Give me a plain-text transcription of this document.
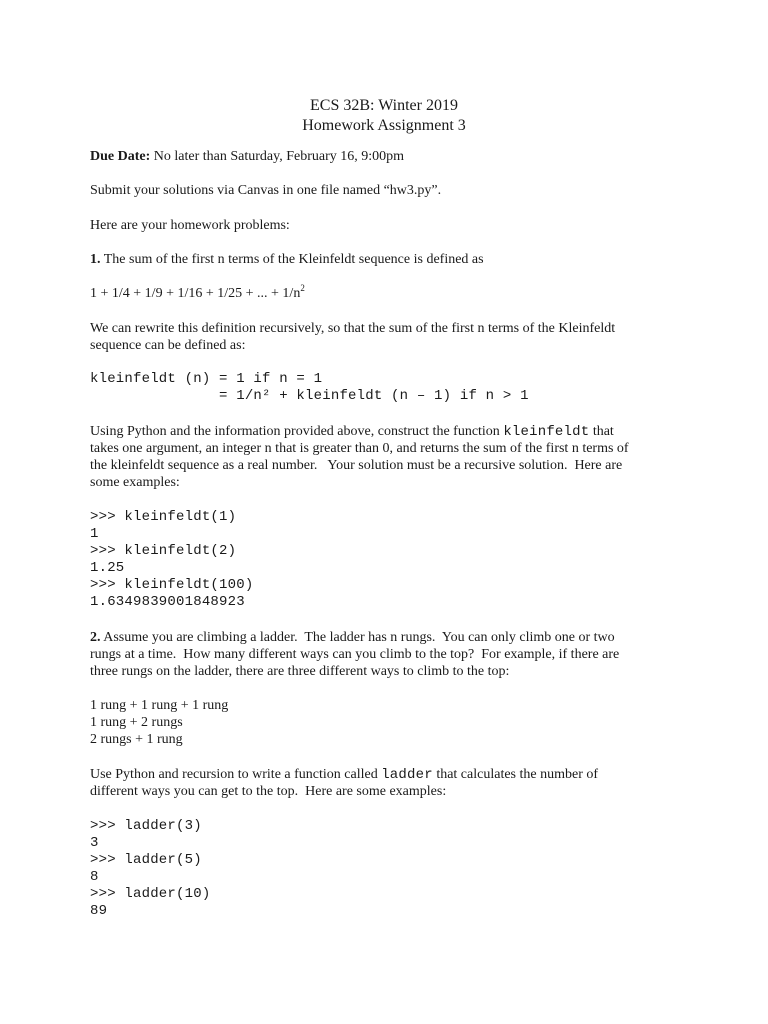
ECS 32B: Winter 2019
Homework Assignment 3
Due Date: No later than Saturday, February 16, 9:00pm
Submit your solutions via Canvas in one file named “hw3.py”.
Here are your homework problems:
1. The sum of the first n terms of the Kleinfeldt sequence is defined as
1 + 1/4 + 1/9 + 1/16 + 1/25 + ... + $1/n^2$
We can rewrite this definition recursively, so that the sum of the first n terms of the Kleinfeldt
sequence can be defined as:
kleinfeldt (n) = 1 if n = 1
= 1/n² + kleinfeldt (n – 1) if n > 1
Using Python and the information provided above, construct the function kleinfeldt that
takes one argument, an integer n that is greater than 0, and returns the sum of the first n terms of
the kleinfeldt sequence as a real number.   Your solution must be a recursive solution.  Here are
some examples:
>>> kleinfeldt(1)
1
>>> kleinfeldt(2)
1.25
>>> kleinfeldt(100)
1.6349839001848923
2. Assume you are climbing a ladder.  The ladder has n rungs.  You can only climb one or two
rungs at a time.  How many different ways can you climb to the top?  For example, if there are
three rungs on the ladder, there are three different ways to climb to the top:
1 rung + 1 rung + 1 rung
1 rung + 2 rungs
2 rungs + 1 rung
Use Python and recursion to write a function called ladder that calculates the number of
different ways you can get to the top.  Here are some examples:
>>> ladder(3)
3
>>> ladder(5)
8
>>> ladder(10)
89
